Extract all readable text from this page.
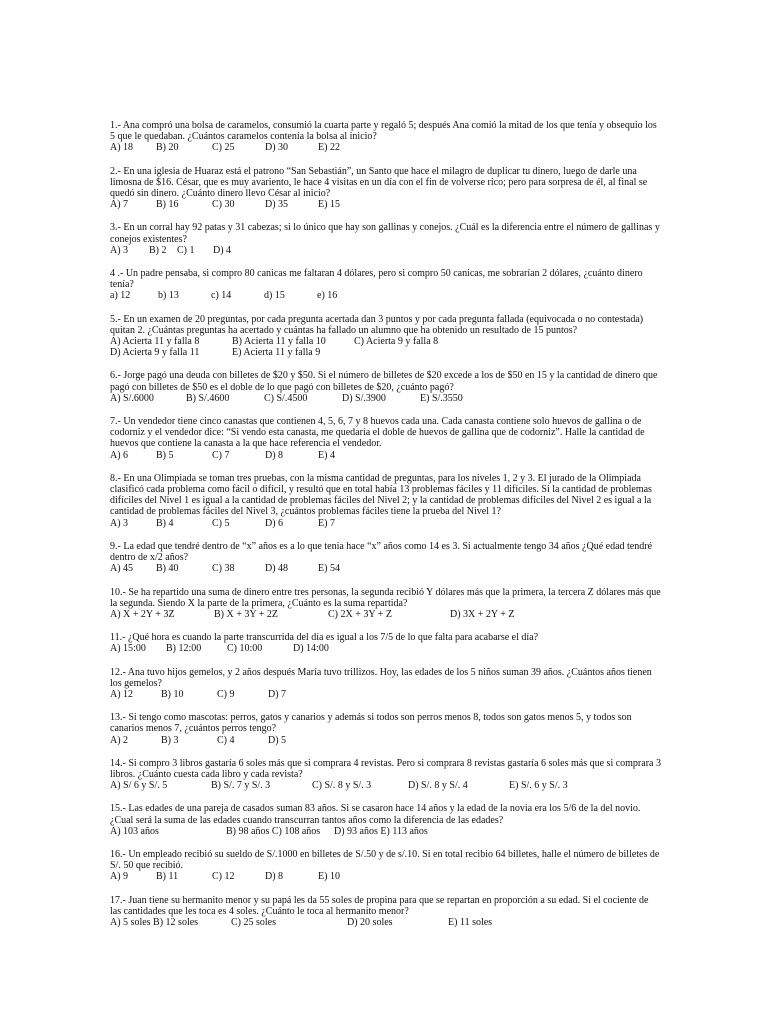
1.- Ana compró una bolsa de caramelos, consumió la cuarta parte y regaló 5; después Ana comió la mitad de los que tenía y obsequio los 5 que le quedaban. ¿Cuántos caramelos contenía la bolsa al inicio?
A) 18	B) 20	C) 25	D) 30	E) 22
2.- En una iglesia de Huaraz está el patrono “San Sebastián”, un Santo que hace el milagro de duplicar tu dinero, luego de darle una limosna de $16. César, que es muy avariento, le hace 4 visitas en un día con el fin de volverse rico; pero para sorpresa de él, al final se quedó sin dinero. ¿Cuánto dinero llevo César al inicio?
A) 7	B) 16	C) 30	D) 35	E) 15
3.- En un corral hay 92 patas y 31 cabezas; si lo único que hay son gallinas y conejos. ¿Cuál es la diferencia entre el número de gallinas y conejos existentes?
A) 3	B) 2	C) 1	D) 4
4 .- Un padre pensaba, si compro 80 canicas me faltaran 4 dólares, pero si compro 50 canicas, me sobrarían 2 dólares, ¿cuánto dinero tenía?
a) 12	b) 13	c) 14	d) 15	e) 16
5.- En un examen de 20 preguntas, por cada pregunta acertada dan 3 puntos y por cada pregunta fallada (equivocada o no contestada) quitan 2. ¿Cuántas preguntas ha acertado y cuántas ha fallado un alumno que ha obtenido un resultado de 15 puntos?
A) Acierta 11 y falla 8	B) Acierta 11 y falla 10	C) Acierta 9 y falla 8
D) Acierta 9 y falla 11	E) Acierta 11 y falla 9
6.- Jorge pagó una deuda con billetes de $20 y $50. Si el número de billetes de $20 excede a los de $50 en 15 y la cantidad de dinero que pagó con billetes de $50 es el doble de lo que pagó con billetes de $20, ¿cuánto pagó?
A) S/.6000	B) S/.4600	C) S/.4500	D) S/.3900	E) S/.3550
7.- Un vendedor tiene cinco canastas que contienen 4, 5, 6, 7 y 8 huevos cada una. Cada canasta contiene solo huevos de gallina o de codorniz y el vendedor dice: “Si vendo esta canasta, me quedaría el doble de huevos de gallina que de codorniz”. Halle la cantidad de huevos que contiene la canasta a la que hace referencia el vendedor.
A) 6	B) 5	C) 7	D) 8	E) 4
8.- En una Olimpiada se toman tres pruebas, con la misma cantidad de preguntas, para los niveles 1, 2 y 3. El jurado de la Olimpiada clasificó cada problema como fácil o difícil, y resultó que en total había 13 problemas fáciles y 11 difíciles. Si la cantidad de problemas difíciles del Nivel 1 es igual a la cantidad de problemas fáciles del Nivel 2; y la cantidad de problemas difíciles del Nivel 2 es igual a la cantidad de problemas fáciles del Nivel 3, ¿cuántos problemas fáciles tiene la prueba del Nivel 1?
A) 3	B) 4	C) 5	D) 6	E) 7
9.- La edad que tendré dentro de “x” años es a lo que tenía hace “x” años como 14 es 3. Si actualmente tengo 34 años ¿Qué edad tendré dentro de x/2 años?
A) 45	B) 40	C) 38	D) 48	E) 54
10.- Se ha repartido una suma de dinero entre tres personas, la segunda recibió Y dólares más que la primera, la tercera Z dólares más que la segunda. Siendo X la parte de la primera, ¿Cuánto es la suma repartida?
A) X + 2Y + 3Z	B) X + 3Y + 2Z	C) 2X + 3Y + Z	D) 3X + 2Y + Z
11.- ¿Qué hora es cuando la parte transcurrida del día es igual a los 7/5 de lo que falta para acabarse el día?
A) 15:00	B) 12:00	C) 10:00	D) 14:00
12.- Ana tuvo hijos gemelos, y 2 años después María tuvo trillizos. Hoy, las edades de los 5 niños suman 39 años. ¿Cuántos años tienen los gemelos?
A) 12	B) 10	C) 9	D) 7
13.- Si tengo como mascotas: perros, gatos y canarios y además si todos son perros menos 8, todos son gatos menos 5, y todos son canarios menos 7, ¿cuántos perros tengo?
A) 2	B) 3	C) 4	D) 5
14.- Si compro 3 libros gastaría 6 soles más que si comprara 4 revistas. Pero si comprara 8 revistas gastaría 6 soles más que si comprara 3 libros. ¿Cuánto cuesta cada libro y cada revista?
A) S/ 6 y S/. 5	B) S/. 7 y S/. 3	C) S/. 8 y S/. 3	D) S/. 8 y S/. 4	E) S/. 6 y S/. 3
15.- Las edades de una pareja de casados suman 83 años. Si se casaron hace 14 años y la edad de la novia era los 5/6 de la del novio. ¿Cual será la suma de las edades cuando transcurran tantos años como la diferencia de las edades?
A) 103 años	B) 98 años C) 108 años	D) 93 años E) 113 años
16.- Un empleado recibió su sueldo de S/.1000 en billetes de S/.50 y de s/.10. Si en total recibio 64 billetes, halle el número de billetes de S/. 50 que recibió.
A) 9	B) 11	C) 12	D) 8	E) 10
17.- Juan tiene su hermanito menor y su papá les da 55 soles de propina para que se repartan en proporción a su edad. Si el cociente de las cantidades que les toca es 4 soles. ¿Cuánto le toca al hermanito menor?
A) 5 soles B) 12 soles	C) 25 soles	D) 20 soles	E) 11 soles
